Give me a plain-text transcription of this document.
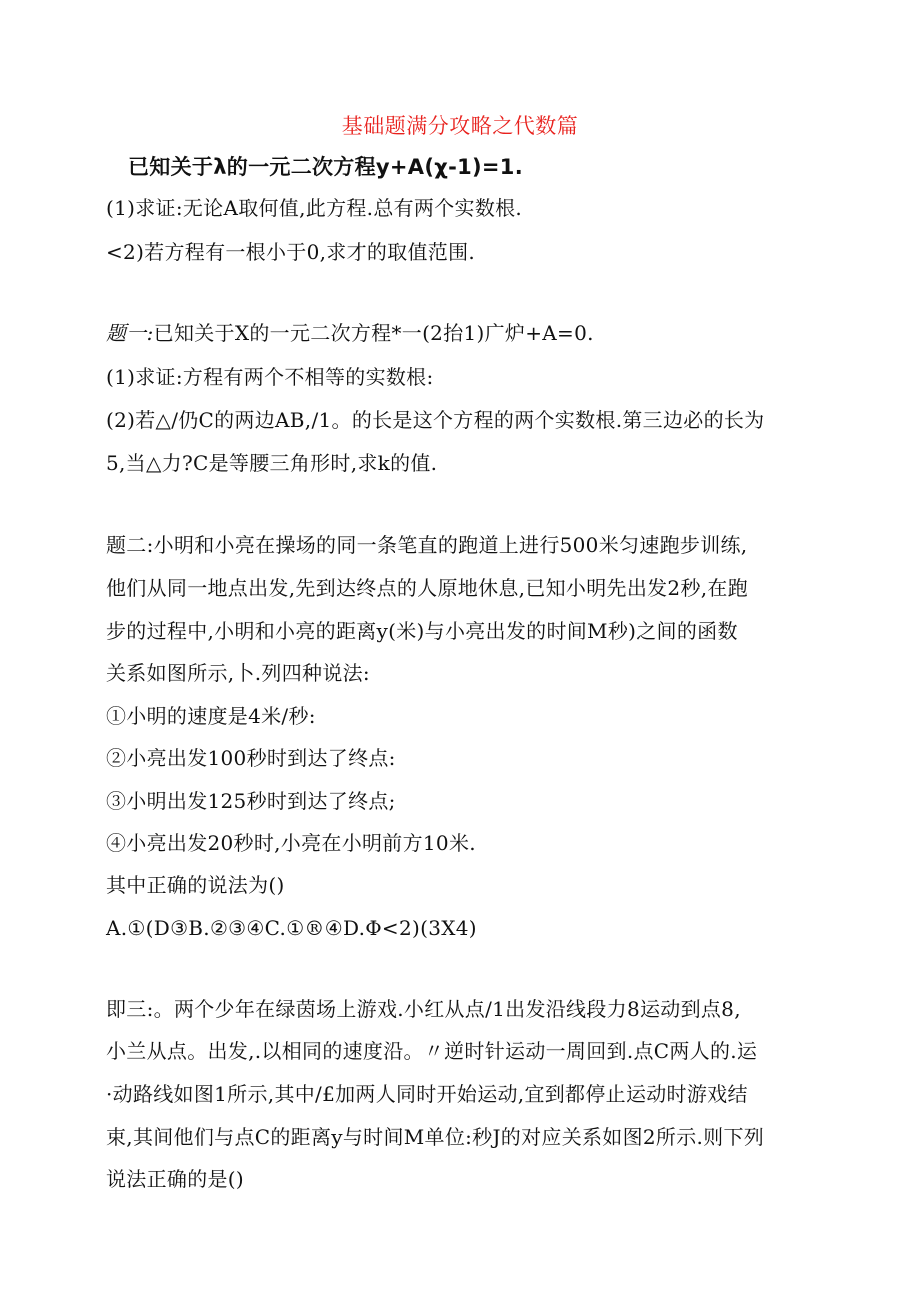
基础题满分攻略之代数篇
已知关于λ的一元二次方程y+A(χ-1)=1.
(1)求证:无论A取何值,此方程.总有两个实数根.
<2)若方程有一根小于0,求才的取值范围.
题一:已知关于X的一元二次方程*一(2抬1)广炉+A=0.
(1)求证:方程有两个不相等的实数根:
(2)若△/仍C的两边AB,/1。的长是这个方程的两个实数根.第三边必的长为
5,当△力?C是等腰三角形时,求k的值.
题二:小明和小亮在操场的同一条笔直的跑道上进行500米匀速跑步训练,
他们从同一地点出发,先到达终点的人原地休息,已知小明先出发2秒,在跑
步的过程中,小明和小亮的距离y(米)与小亮出发的时间M秒)之间的函数
关系如图所示,卜.列四种说法:
①小明的速度是4米/秒:
②小亮出发100秒时到达了终点:
③小明出发125秒时到达了终点;
④小亮出发20秒时,小亮在小明前方10米.
其中正确的说法为()
A.①(D③B.②③④C.①®④D.Φ<2)(3X4)
即三:。两个少年在绿茵场上游戏.小红从点/1出发沿线段力8运动到点8,
小兰从点。出发,.以相同的速度沿。〃逆时针运动一周回到.点C两人的.运
·动路线如图1所示,其中/£加两人同时开始运动,宜到都停止运动时游戏结
束,其间他们与点C的距离y与时间M单位:秒J的对应关系如图2所示.则下列
说法正确的是()
